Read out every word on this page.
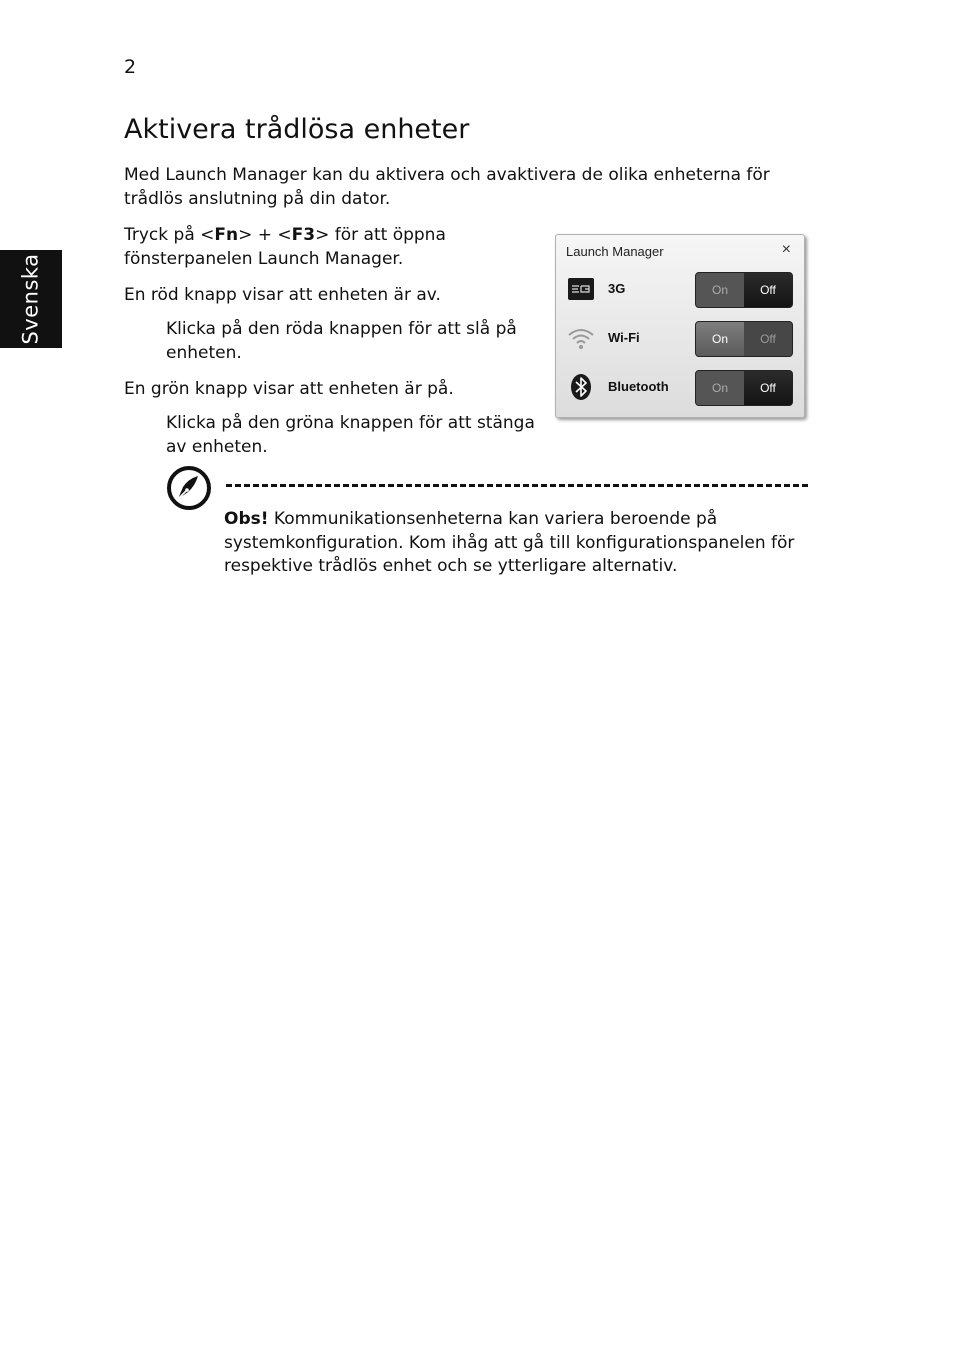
2
Svenska
Aktivera trådlösa enheter

Med Launch Manager kan du aktivera och avaktivera de olika enheterna för trådlös anslutning på din dator.

Tryck på <Fn> + <F3> för att öppna fönsterpanelen Launch Manager.

En röd knapp visar att enheten är av.

Klicka på den röda knappen för att slå på enheten.

En grön knapp visar att enheten är på.

Klicka på den gröna knappen för att stänga av enheten.

Launch Manager	×
3G	On	Off
Wi-Fi	On	Off
Bluetooth	On	Off

Obs! Kommunikationsenheterna kan variera beroende på systemkonfiguration. Kom ihåg att gå till konfigurationspanelen för respektive trådlös enhet och se ytterligare alternativ.
